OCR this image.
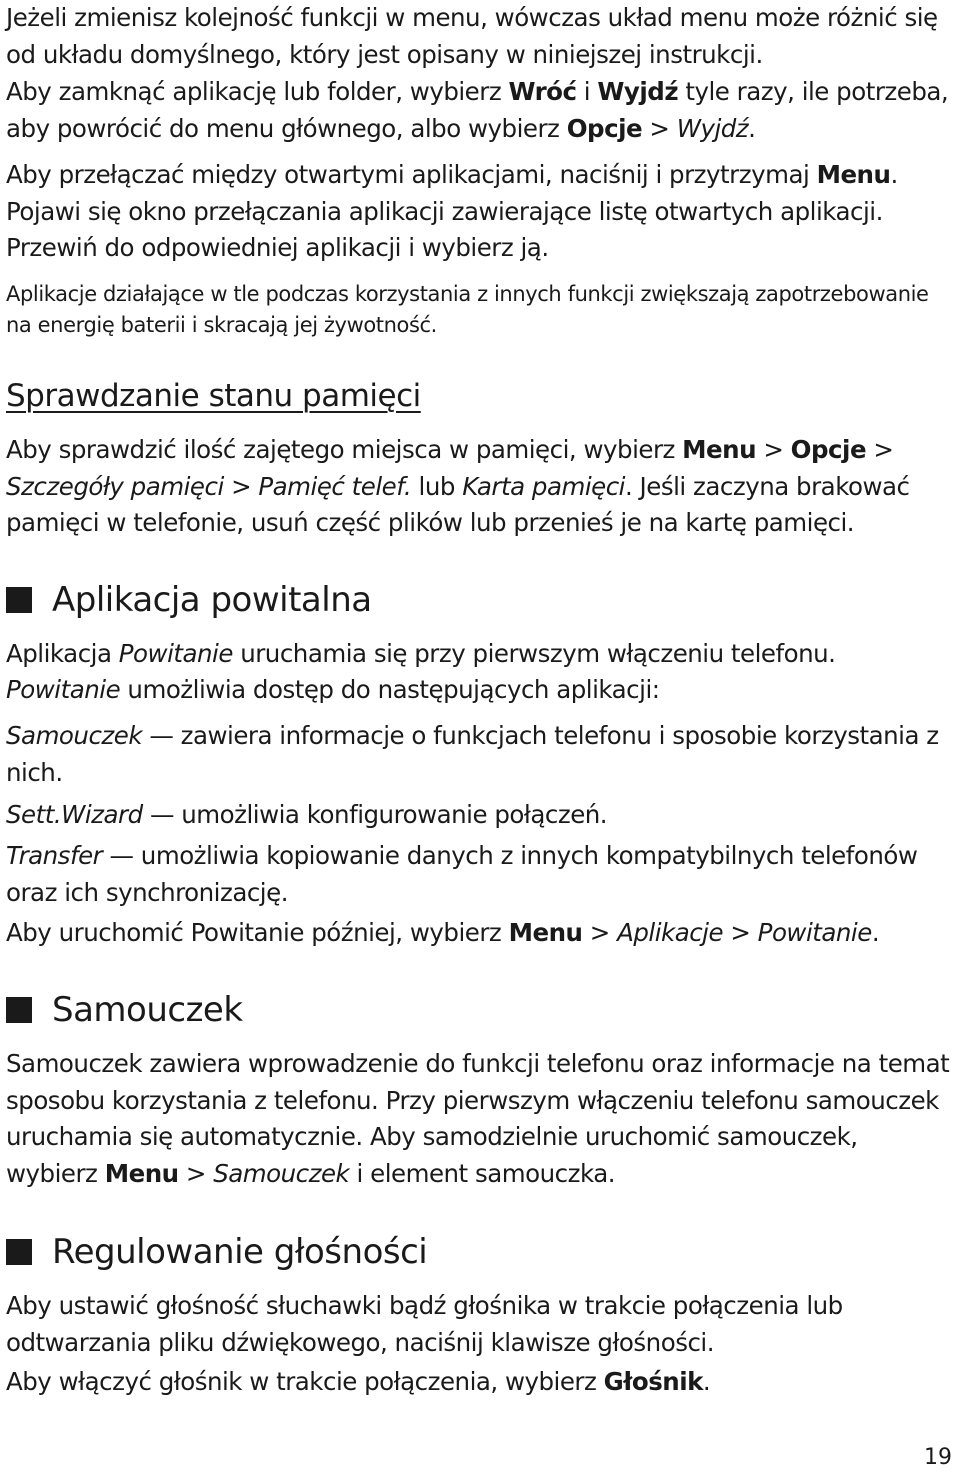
Jeżeli zmienisz kolejność funkcji w menu, wówczas układ menu może różnić się
od układu domyślnego, który jest opisany w niniejszej instrukcji.

Aby zamknąć aplikację lub folder, wybierz Wróć i Wyjdź tyle razy, ile potrzeba, aby powrócić do menu głównego, albo wybierz Opcje > Wyjdź.

Aby przełączać między otwartymi aplikacjami, naciśnij i przytrzymaj Menu. Pojawi się okno przełączania aplikacji zawierające listę otwartych aplikacji. Przewiń do odpowiedniej aplikacji i wybierz ją.

Aplikacje działające w tle podczas korzystania z innych funkcji zwiększają zapotrzebowanie na energię baterii i skracają jej żywotność.

Sprawdzanie stanu pamięci

Aby sprawdzić ilość zajętego miejsca w pamięci, wybierz Menu > Opcje > Szczegóły pamięci > Pamięć telef. lub Karta pamięci. Jeśli zaczyna brakować pamięci w telefonie, usuń część plików lub przenieś je na kartę pamięci.

Aplikacja powitalna

Aplikacja Powitanie uruchamia się przy pierwszym włączeniu telefonu.

Powitanie umożliwia dostęp do następujących aplikacji:

Samouczek — zawiera informacje o funkcjach telefonu i sposobie korzystania z nich.

Sett.Wizard — umożliwia konfigurowanie połączeń.

Transfer — umożliwia kopiowanie danych z innych kompatybilnych telefonów oraz ich synchronizację.

Aby uruchomić Powitanie później, wybierz Menu > Aplikacje > Powitanie.

Samouczek

Samouczek zawiera wprowadzenie do funkcji telefonu oraz informacje na temat sposobu korzystania z telefonu. Przy pierwszym włączeniu telefonu samouczek uruchamia się automatycznie. Aby samodzielnie uruchomić samouczek, wybierz Menu > Samouczek i element samouczka.

Regulowanie głośności

Aby ustawić głośność słuchawki bądź głośnika w trakcie połączenia lub odtwarzania pliku dźwiękowego, naciśnij klawisze głośności.

Aby włączyć głośnik w trakcie połączenia, wybierz Głośnik.

19
